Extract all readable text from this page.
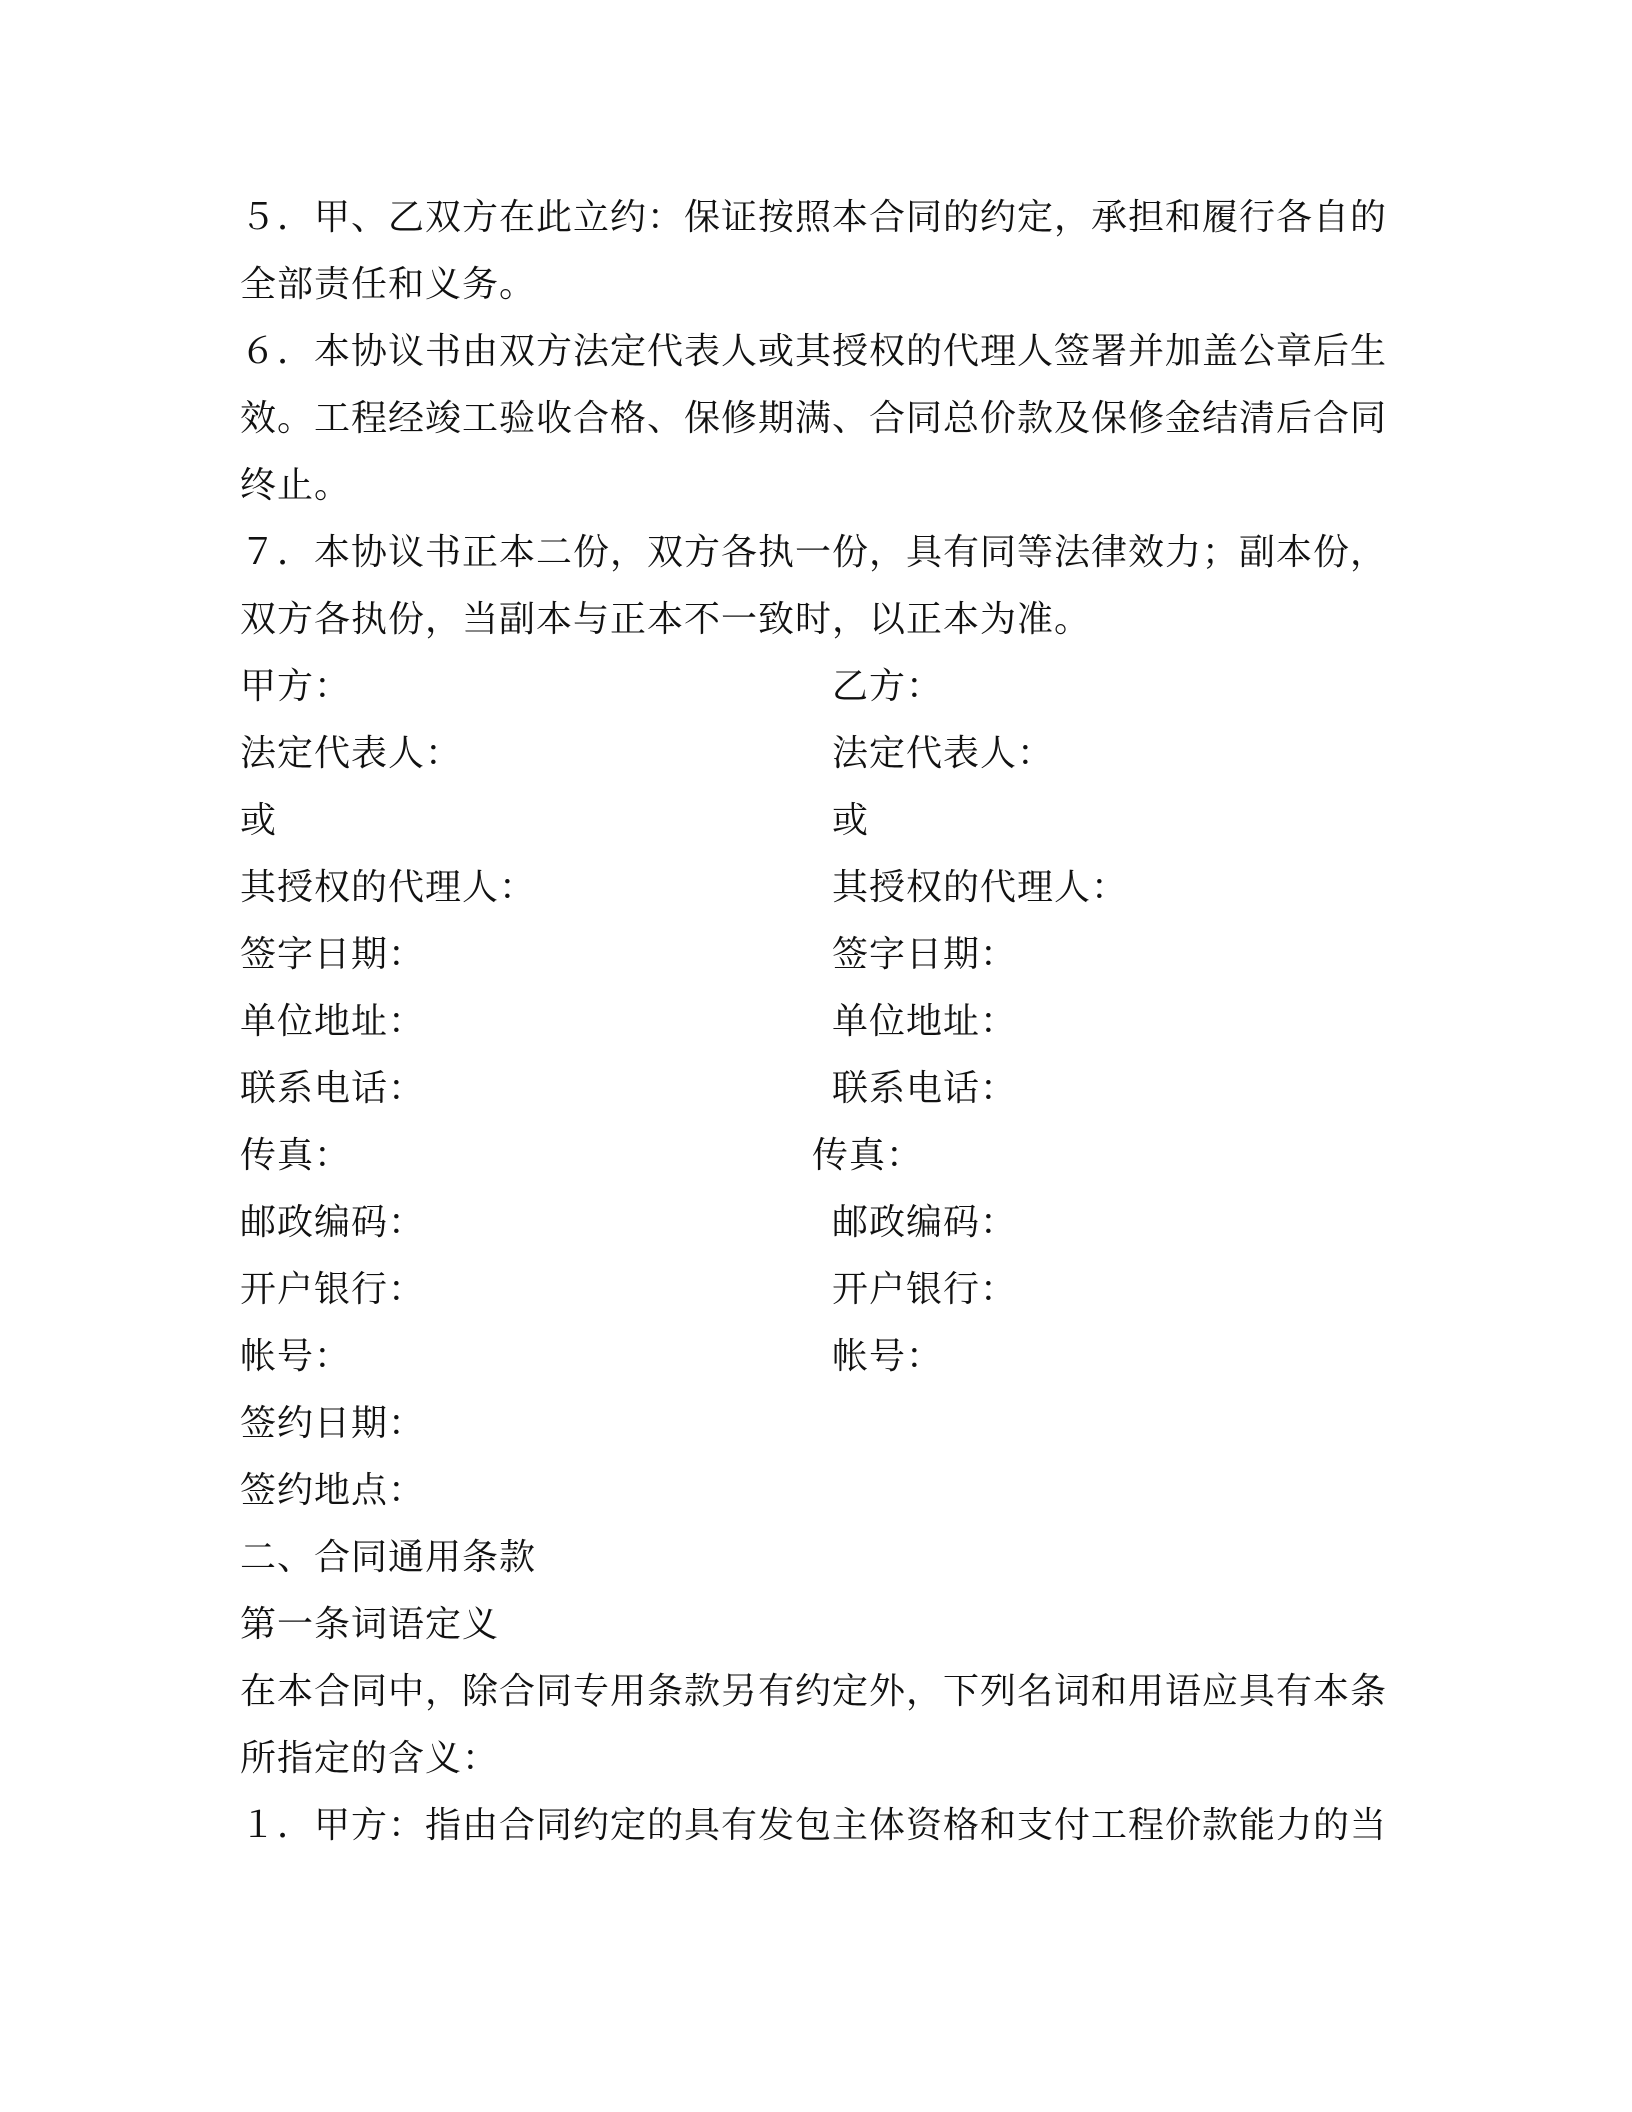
５．甲、乙双方在此立约：保证按照本合同的约定，承担和履行各自的
全部责任和义务。
６．本协议书由双方法定代表人或其授权的代理人签署并加盖公章后生
效。工程经竣工验收合格、保修期满、合同总价款及保修金结清后合同
终止。
７．本协议书正本二份，双方各执一份，具有同等法律效力；副本份，
双方各执份，当副本与正本不一致时，以正本为准。
甲方：	乙方：
法定代表人：	法定代表人：
或	或
其授权的代理人：	其授权的代理人：
签字日期：	签字日期：
单位地址：	单位地址：
联系电话：	联系电话：
传真：	传真：
邮政编码：	邮政编码：
开户银行：	开户银行：
帐号：	帐号：
签约日期：
签约地点：
二、合同通用条款
第一条词语定义
在本合同中，除合同专用条款另有约定外，下列名词和用语应具有本条
所指定的含义：
１．甲方：指由合同约定的具有发包主体资格和支付工程价款能力的当
